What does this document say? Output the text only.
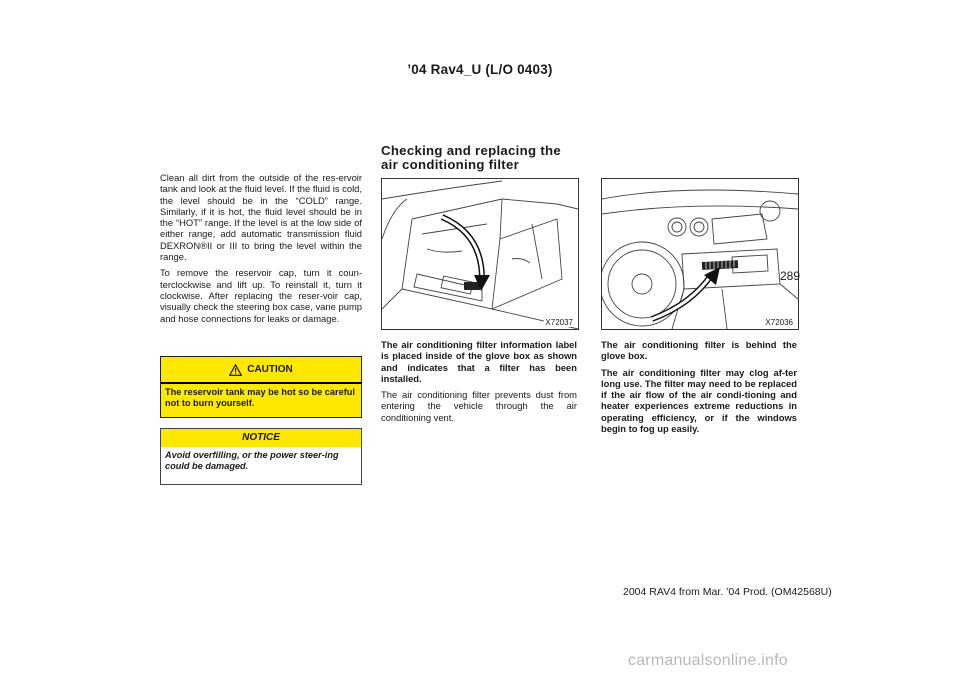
’04 Rav4_U (L/O 0403)

Clean all dirt from the outside of the res-ervoir tank and look at the fluid level. If the fluid is cold, the level should be in the “COLD” range. Similarly, if it is hot, the fluid level should be in the “HOT” range. If the level is at the low side of either range, add automatic transmission fluid DEXRON®II or III to bring the level within the range.

To remove the reservoir cap, turn it coun-terclockwise and lift up. To reinstall it, turn it clockwise. After replacing the reser-voir cap, visually check the steering box case, vane pump and hose connections for leaks or damage.

CAUTION
The reservoir tank may be hot so be careful not to burn yourself.
NOTICE
Avoid overfilling, or the power steer-ing could be damaged.
Checking and replacing the
air conditioning filter
X72037	X72036

The air conditioning filter information label is placed inside of the glove box as shown and indicates that a filter has been installed.

The air conditioning filter prevents dust from entering the vehicle through the air conditioning vent.

The air conditioning filter is behind the glove box.

The air conditioning filter may clog af-ter long use. The filter may need to be replaced if the air flow of the air condi-tioning and heater experiences extreme reductions in operating efficiency, or if the windows begin to fog up easily.

289
2004 RAV4 from Mar. ’04 Prod. (OM42568U)
carmanualsonline.info
